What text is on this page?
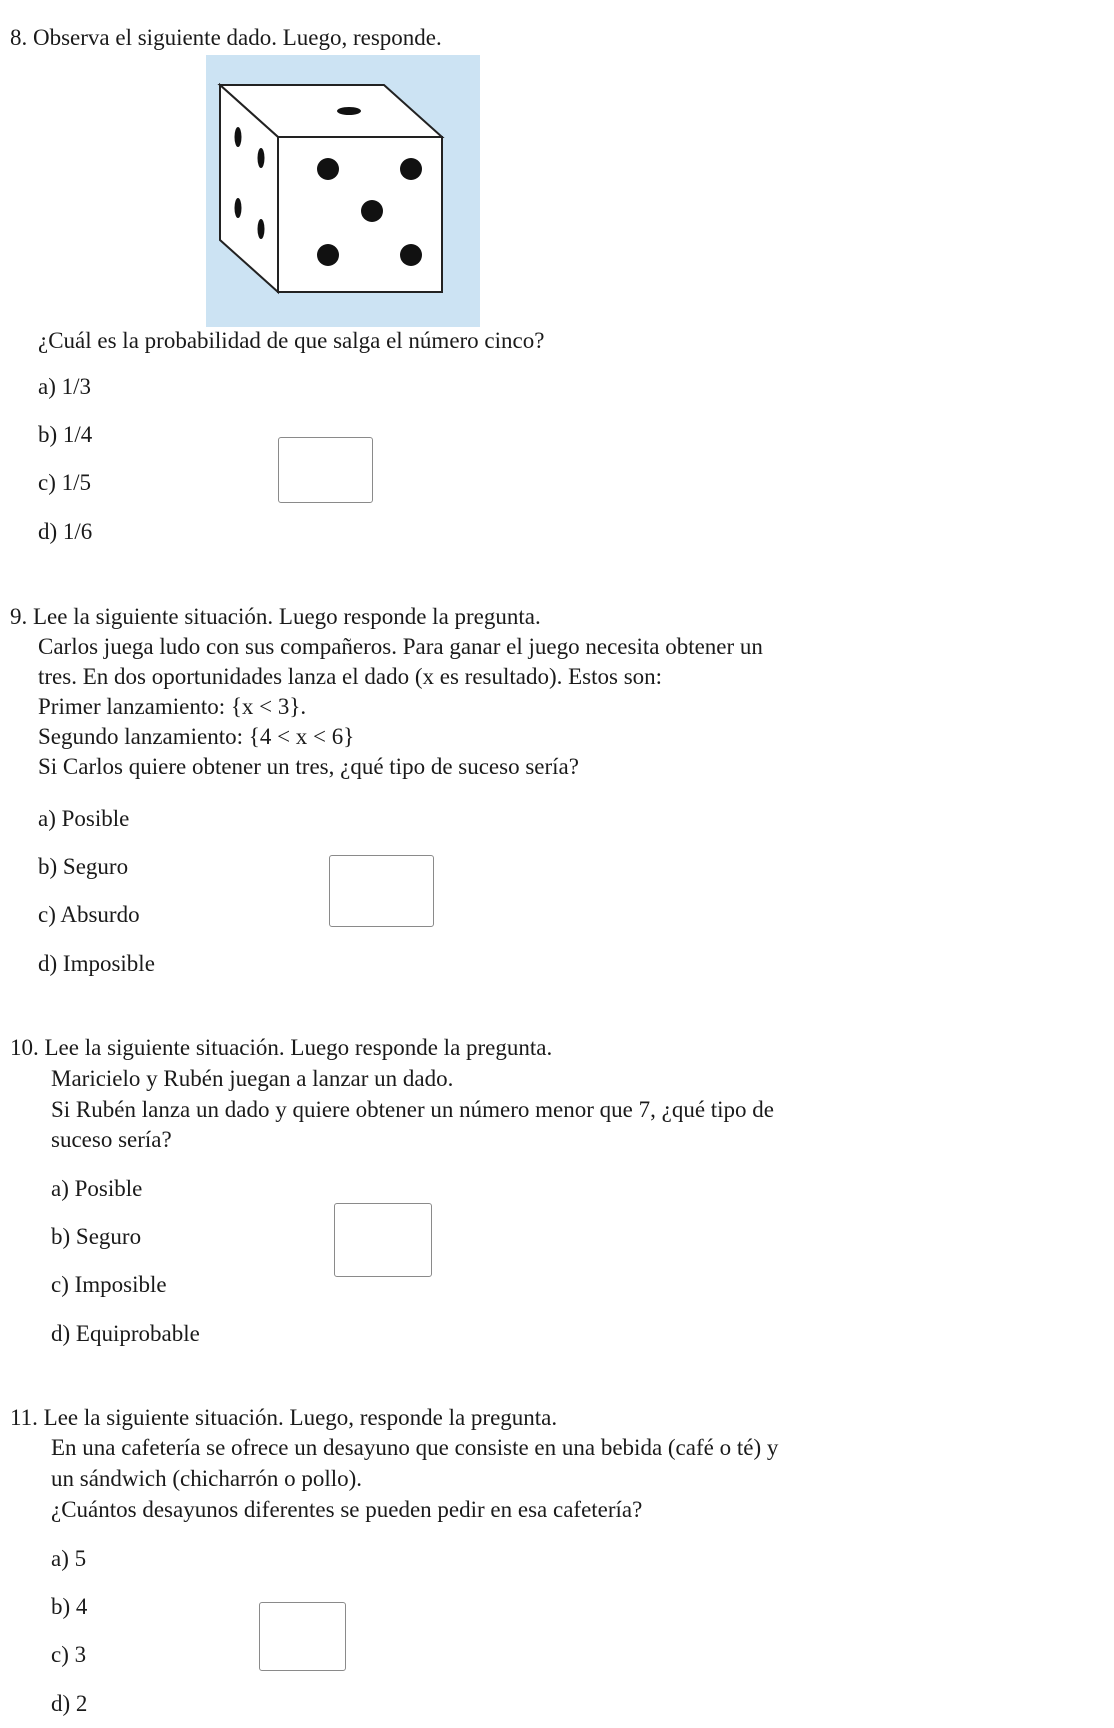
8. Observa el siguiente dado. Luego, responde.
¿Cuál es la probabilidad de que salga el número cinco?
a) 1/3
b) 1/4
c) 1/5
d) 1/6
9. Lee la siguiente situación. Luego responde la pregunta.
Carlos juega ludo con sus compañeros. Para ganar el juego necesita obtener un
tres. En dos oportunidades lanza el dado (x es resultado). Estos son:
Primer lanzamiento: {x < 3}.
Segundo lanzamiento: {4 < x < 6}
Si Carlos quiere obtener un tres, ¿qué tipo de suceso sería?
a) Posible
b) Seguro
c) Absurdo
d) Imposible
10. Lee la siguiente situación. Luego responde la pregunta.
Maricielo y Rubén juegan a lanzar un dado.
Si Rubén lanza un dado y quiere obtener un número menor que 7, ¿qué tipo de
suceso sería?
a) Posible
b) Seguro
c) Imposible
d) Equiprobable
11. Lee la siguiente situación. Luego, responde la pregunta.
En una cafetería se ofrece un desayuno que consiste en una bebida (café o té) y
un sándwich (chicharrón o pollo).
¿Cuántos desayunos diferentes se pueden pedir en esa cafetería?
a) 5
b) 4
c) 3
d) 2
